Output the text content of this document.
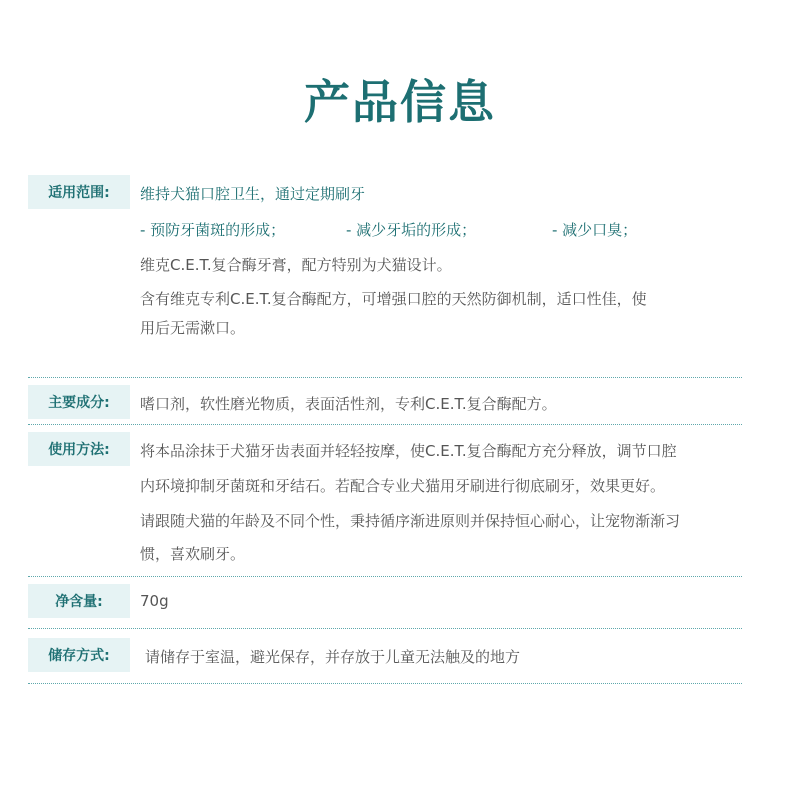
产品信息
适用范围:	维持犬猫口腔卫生，通过定期刷牙
- 预防牙菌斑的形成；	- 减少牙垢的形成；	- 减少口臭；
维克C.E.T.复合酶牙膏，配方特别为犬猫设计。
含有维克专利C.E.T.复合酶配方，可增强口腔的天然防御机制，适口性佳，使
用后无需漱口。
主要成分:	嗜口剂，软性磨光物质，表面活性剂，专利C.E.T.复合酶配方。
使用方法:	将本品涂抹于犬猫牙齿表面并轻轻按摩，使C.E.T.复合酶配方充分释放，调节口腔
内环境抑制牙菌斑和牙结石。若配合专业犬猫用牙刷进行彻底刷牙，效果更好。
请跟随犬猫的年龄及不同个性，秉持循序渐进原则并保持恒心耐心，让宠物渐渐习
惯，喜欢刷牙。
净含量:	70g
储存方式:	请储存于室温，避光保存，并存放于儿童无法触及的地方
